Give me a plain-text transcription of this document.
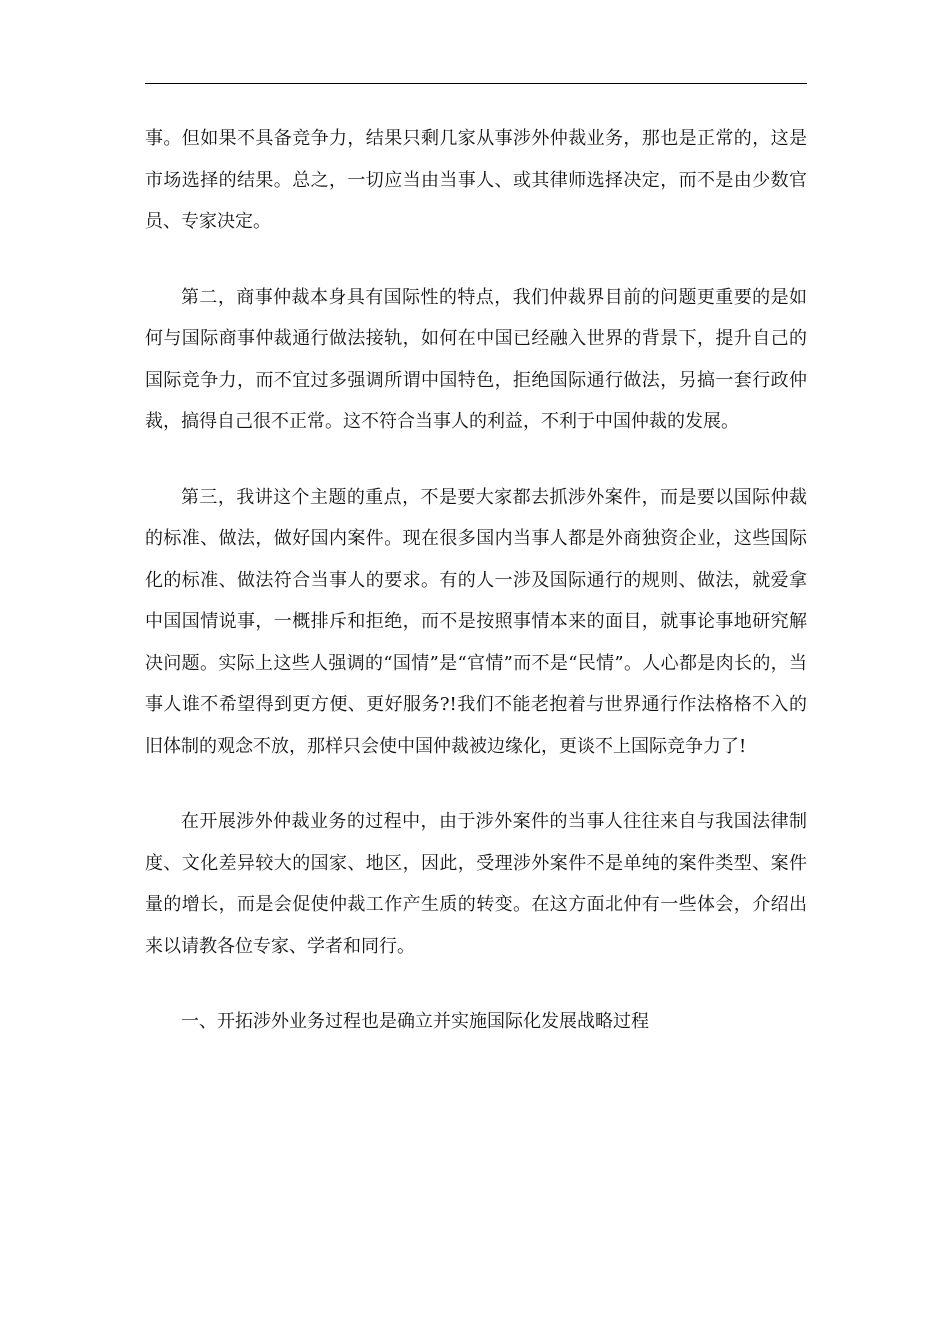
事。但如果不具备竞争力，结果只剩几家从事涉外仲裁业务，那也是正常的，这是市场选择的结果。总之，一切应当由当事人、或其律师选择决定，而不是由少数官员、专家决定。

第二，商事仲裁本身具有国际性的特点，我们仲裁界目前的问题更重要的是如何与国际商事仲裁通行做法接轨，如何在中国已经融入世界的背景下，提升自己的国际竞争力，而不宜过多强调所谓中国特色，拒绝国际通行做法，另搞一套行政仲裁，搞得自己很不正常。这不符合当事人的利益，不利于中国仲裁的发展。

第三，我讲这个主题的重点，不是要大家都去抓涉外案件，而是要以国际仲裁的标准、做法，做好国内案件。现在很多国内当事人都是外商独资企业，这些国际化的标准、做法符合当事人的要求。有的人一涉及国际通行的规则、做法，就爱拿中国国情说事，一概排斥和拒绝，而不是按照事情本来的面目，就事论事地研究解决问题。实际上这些人强调的“国情”是“官情”而不是“民情”。人心都是肉长的，当事人谁不希望得到更方便、更好服务?!我们不能老抱着与世界通行作法格格不入的旧体制的观念不放，那样只会使中国仲裁被边缘化，更谈不上国际竞争力了!

在开展涉外仲裁业务的过程中，由于涉外案件的当事人往往来自与我国法律制度、文化差异较大的国家、地区，因此，受理涉外案件不是单纯的案件类型、案件量的增长，而是会促使仲裁工作产生质的转变。在这方面北仲有一些体会，介绍出来以请教各位专家、学者和同行。

一、开拓涉外业务过程也是确立并实施国际化发展战略过程
